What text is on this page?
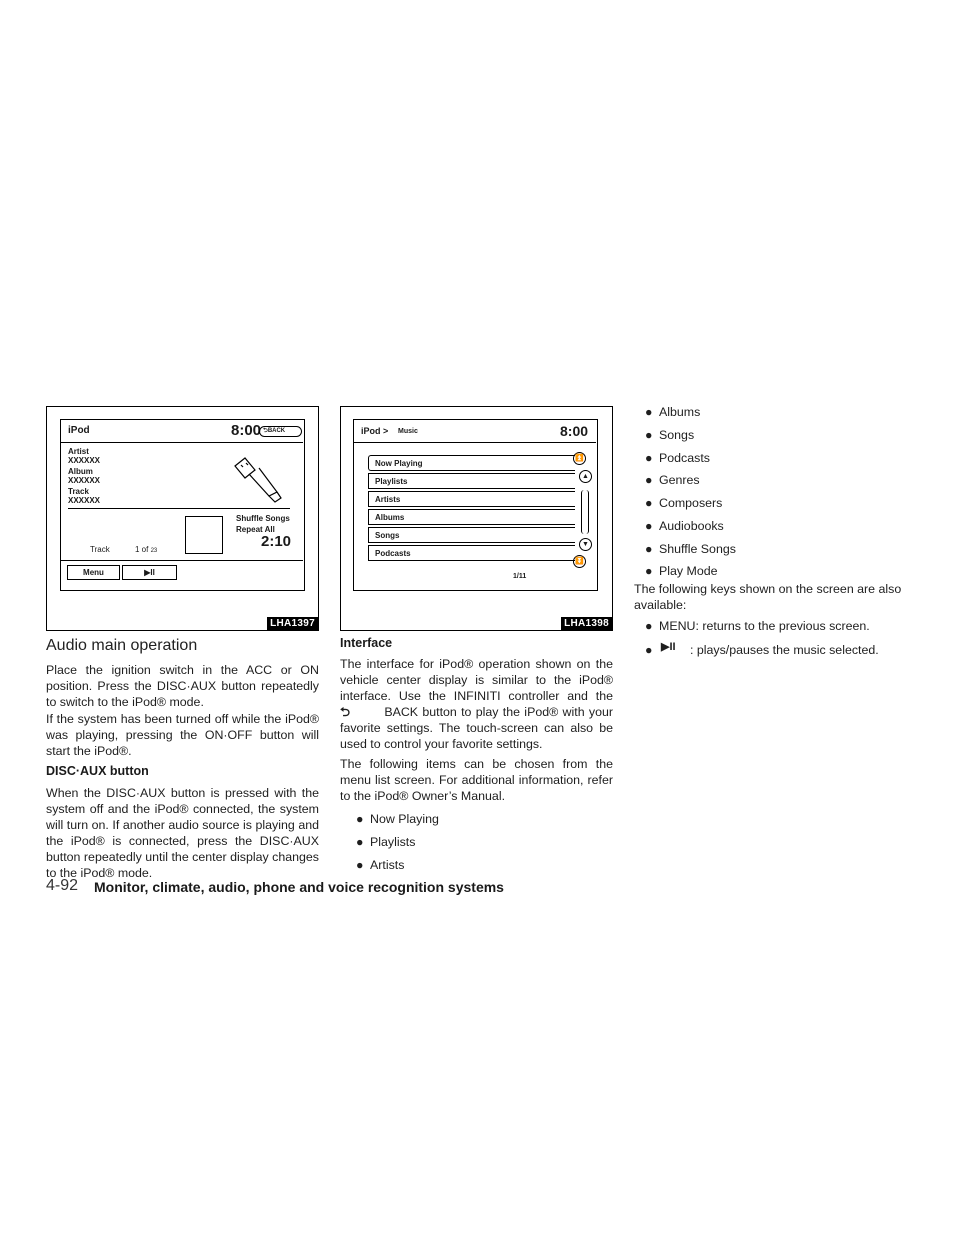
iPod	8:00 ⮌BACK
Artist
XXXXXX
Album
XXXXXX
Track
XXXXXX
Shuffle Songs
Repeat All
2:10
Track	1 of 23
Menu	▶II
LHA1397
iPod > Music	8:00
Now Playing
Playlists
Artists
Albums
Songs
Podcasts
⏫
▲
▼
⏬
1/11
LHA1398
Audio main operation
Place the ignition switch in the ACC or ON position. Press the DISC·AUX button repeatedly to switch to the iPod® mode.
If the system has been turned off while the iPod® was playing, pressing the ON·OFF button will start the iPod®.
DISC·AUX button
When the DISC·AUX button is pressed with the system off and the iPod® connected, the system will turn on. If another audio source is playing and the iPod® is connected, press the DISC·AUX button repeatedly until the center display changes to the iPod® mode.
Interface
The interface for iPod® operation shown on the vehicle center display is similar to the iPod® interface. Use the INFINITI controller and the ⮌	BACK button to play the iPod® with your favorite settings. The touch-screen can also be used to control your favorite settings.
The following items can be chosen from the menu list screen. For additional information, refer to the iPod® Owner’s Manual.
● Now Playing
● Playlists
● Artists
● Albums
● Songs
● Podcasts
● Genres
● Composers
● Audiobooks
● Shuffle Songs
● Play Mode
The following keys shown on the screen are also available:
● MENU: returns to the previous screen.
● ▶II : plays/pauses the music selected.
4-92 Monitor, climate, audio, phone and voice recognition systems
